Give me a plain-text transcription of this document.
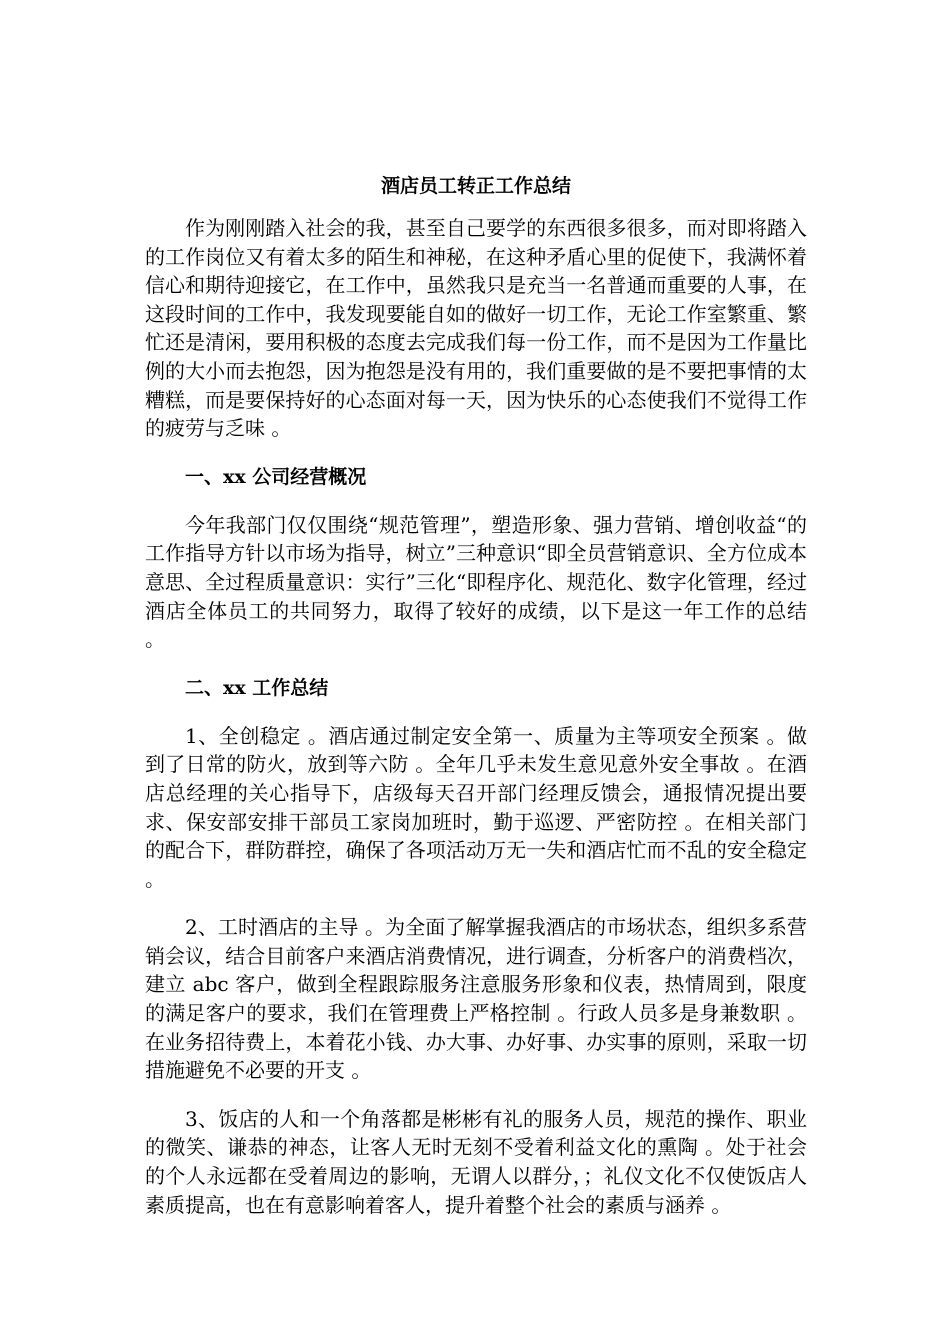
酒店员工转正工作总结

作为刚刚踏入社会的我，甚至自己要学的东西很多很多，而对即将踏入的工作岗位又有着太多的陌生和神秘，在这种矛盾心里的促使下，我满怀着信心和期待迎接它，在工作中，虽然我只是充当一名普通而重要的人事，在这段时间的工作中，我发现要能自如的做好一切工作，无论工作室繁重、繁忙还是清闲，要用积极的态度去完成我们每一份工作，而不是因为工作量比例的大小而去抱怨，因为抱怨是没有用的，我们重要做的是不要把事情的太糟糕，而是要保持好的心态面对每一天，因为快乐的心态使我们不觉得工作的疲劳与乏味 。

一、xx 公司经营概况

今年我部门仅仅围绕“规范管理”，塑造形象、强力营销、增创收益“的工作指导方针以市场为指导，树立”三种意识“即全员营销意识、全方位成本意思、全过程质量意识：实行”三化“即程序化、规范化、数字化管理，经过酒店全体员工的共同努力，取得了较好的成绩，以下是这一年工作的总结 。

二、xx 工作总结

1、全创稳定 。酒店通过制定安全第一、质量为主等项安全预案 。做到了日常的防火，放到等六防 。全年几乎未发生意见意外安全事故 。在酒店总经理的关心指导下，店级每天召开部门经理反馈会，通报情况提出要求、保安部安排干部员工家岗加班时，勤于巡逻、严密防控 。在相关部门的配合下，群防群控，确保了各项活动万无一失和酒店忙而不乱的安全稳定 。

2、工时酒店的主导 。为全面了解掌握我酒店的市场状态，组织多系营销会议，结合目前客户来酒店消费情况，进行调查，分析客户的消费档次，建立 abc 客户，做到全程跟踪服务注意服务形象和仪表，热情周到，限度的满足客户的要求，我们在管理费上严格控制 。行政人员多是身兼数职 。在业务招待费上，本着花小钱、办大事、办好事、办实事的原则，采取一切措施避免不必要的开支 。

3、饭店的人和一个角落都是彬彬有礼的服务人员，规范的操作、职业的微笑、谦恭的神态，让客人无时无刻不受着利益文化的熏陶 。处于社会的个人永远都在受着周边的影响，无谓人以群分，；礼仪文化不仅使饭店人素质提高，也在有意影响着客人，提升着整个社会的素质与涵养 。
